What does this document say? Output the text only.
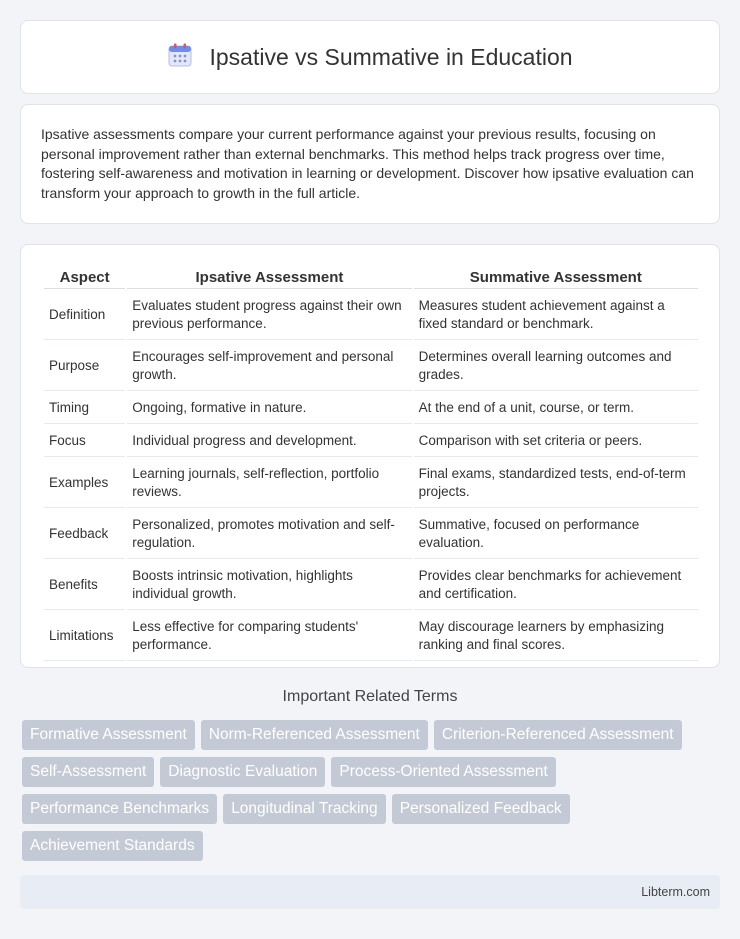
Ipsative vs Summative in Education

Ipsative assessments compare your current performance against your previous results, focusing on personal improvement rather than external benchmarks. This method helps track progress over time, fostering self-awareness and motivation in learning or development. Discover how ipsative evaluation can transform your approach to growth in the full article.

Aspect	Ipsative Assessment	Summative Assessment
Definition	Evaluates student progress against their own previous performance.	Measures student achievement against a fixed standard or benchmark.
Purpose	Encourages self-improvement and personal growth.	Determines overall learning outcomes and grades.
Timing	Ongoing, formative in nature.	At the end of a unit, course, or term.
Focus	Individual progress and development.	Comparison with set criteria or peers.
Examples	Learning journals, self-reflection, portfolio reviews.	Final exams, standardized tests, end-of-term projects.
Feedback	Personalized, promotes motivation and self-regulation.	Summative, focused on performance evaluation.
Benefits	Boosts intrinsic motivation, highlights individual growth.	Provides clear benchmarks for achievement and certification.
Limitations	Less effective for comparing students' performance.	May discourage learners by emphasizing ranking and final scores.
Important Related Terms
Formative Assessment	Norm-Referenced Assessment	Criterion-Referenced Assessment
Self-Assessment	Diagnostic Evaluation	Process-Oriented Assessment
Performance Benchmarks	Longitudinal Tracking	Personalized Feedback
Achievement Standards
Libterm.com
